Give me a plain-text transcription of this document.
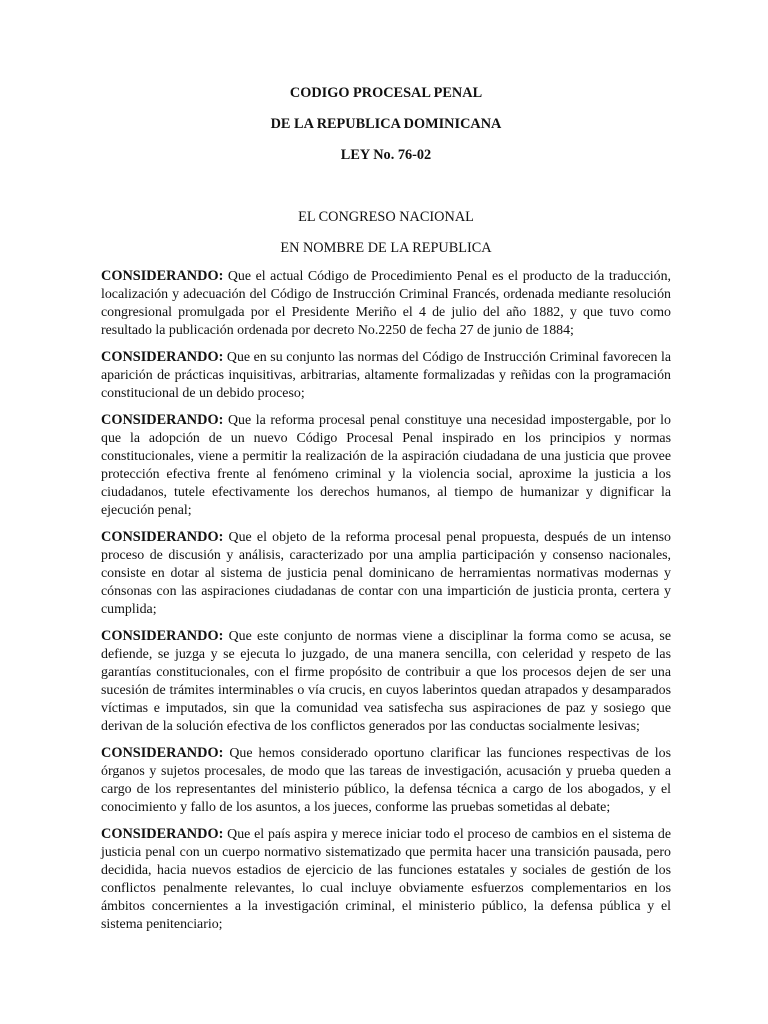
CODIGO PROCESAL PENAL

DE LA REPUBLICA DOMINICANA

LEY No. 76-02

EL CONGRESO NACIONAL

EN NOMBRE DE LA REPUBLICA

CONSIDERANDO: Que el actual Código de Procedimiento Penal es el producto de la traducción, localización y adecuación del Código de Instrucción Criminal Francés, ordenada mediante resolución congresional promulgada por el Presidente Meriño el 4 de julio del año 1882, y que tuvo como resultado la publicación ordenada por decreto No.2250 de fecha 27 de junio de 1884;

CONSIDERANDO: Que en su conjunto las normas del Código de Instrucción Criminal favorecen la aparición de prácticas inquisitivas, arbitrarias, altamente formalizadas y reñidas con la programación constitucional de un debido proceso;

CONSIDERANDO: Que la reforma procesal penal constituye una necesidad impostergable, por lo que la adopción de un nuevo Código Procesal Penal inspirado en los principios y normas constitucionales, viene a permitir la realización de la aspiración ciudadana de una justicia que provee protección efectiva frente al fenómeno criminal y la violencia social, aproxime la justicia a los ciudadanos, tutele efectivamente los derechos humanos, al tiempo de humanizar y dignificar la ejecución penal;

CONSIDERANDO: Que el objeto de la reforma procesal penal propuesta, después de un intenso proceso de discusión y análisis, caracterizado por una amplia participación y consenso nacionales, consiste en dotar al sistema de justicia penal dominicano de herramientas normativas modernas y cónsonas con las aspiraciones ciudadanas de contar con una impartición de justicia pronta, certera y cumplida;

CONSIDERANDO: Que este conjunto de normas viene a disciplinar la forma como se acusa, se defiende, se juzga y se ejecuta lo juzgado, de una manera sencilla, con celeridad y respeto de las garantías constitucionales, con el firme propósito de contribuir a que los procesos dejen de ser una sucesión de trámites interminables o vía crucis, en cuyos laberintos quedan atrapados y desamparados víctimas e imputados, sin que la comunidad vea satisfecha sus aspiraciones de paz y sosiego que derivan de la solución efectiva de los conflictos generados por las conductas socialmente lesivas;

CONSIDERANDO: Que hemos considerado oportuno clarificar las funciones respectivas de los órganos y sujetos procesales, de modo que las tareas de investigación, acusación y prueba queden a cargo de los representantes del ministerio público, la defensa técnica a cargo de los abogados, y el conocimiento y fallo de los asuntos, a los jueces, conforme las pruebas sometidas al debate;

CONSIDERANDO: Que el país aspira y merece iniciar todo el proceso de cambios en el sistema de justicia penal con un cuerpo normativo sistematizado que permita hacer una transición pausada, pero decidida, hacia nuevos estadios de ejercicio de las funciones estatales y sociales de gestión de los conflictos penalmente relevantes, lo cual incluye obviamente esfuerzos complementarios en los ámbitos concernientes a la investigación criminal, el ministerio público, la defensa pública y el sistema penitenciario;
